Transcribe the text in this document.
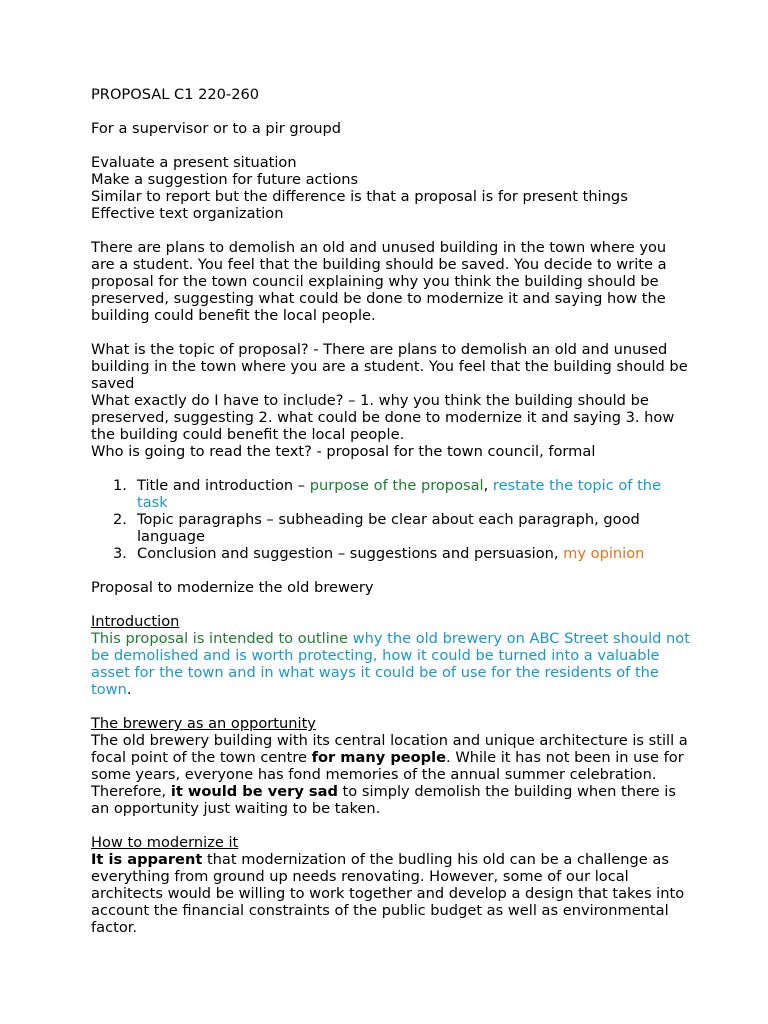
PROPOSAL C1 220-260

For a supervisor or to a pir groupd

Evaluate a present situation

Make a suggestion for future actions

Similar to report but the difference is that a proposal is for present things

Effective text organization

There are plans to demolish an old and unused building in the town where you are a student. You feel that the building should be saved. You decide to write a proposal for the town council explaining why you think the building should be preserved, suggesting what could be done to modernize it and saying how the building could benefit the local people.

What is the topic of proposal? - There are plans to demolish an old and unused building in the town where you are a student. You feel that the building should be saved

What exactly do I have to include? – 1. why you think the building should be preserved, suggesting 2. what could be done to modernize it and saying 3. how the building could benefit the local people.

Who is going to read the text? - proposal for the town council, formal

1. Title and introduction – purpose of the proposal, restate the topic of the task
2. Topic paragraphs – subheading be clear about each paragraph, good language
3. Conclusion and suggestion – suggestions and persuasion, my opinion

Proposal to modernize the old brewery

Introduction

This proposal is intended to outline why the old brewery on ABC Street should not be demolished and is worth protecting, how it could be turned into a valuable asset for the town and in what ways it could be of use for the residents of the town.

The brewery as an opportunity

The old brewery building with its central location and unique architecture is still a focal point of the town centre for many people. While it has not been in use for some years, everyone has fond memories of the annual summer celebration. Therefore, it would be very sad to simply demolish the building when there is an opportunity just waiting to be taken.

How to modernize it

It is apparent that modernization of the budling his old can be a challenge as everything from ground up needs renovating. However, some of our local architects would be willing to work together and develop a design that takes into account the financial constraints of the public budget as well as environmental factor.
